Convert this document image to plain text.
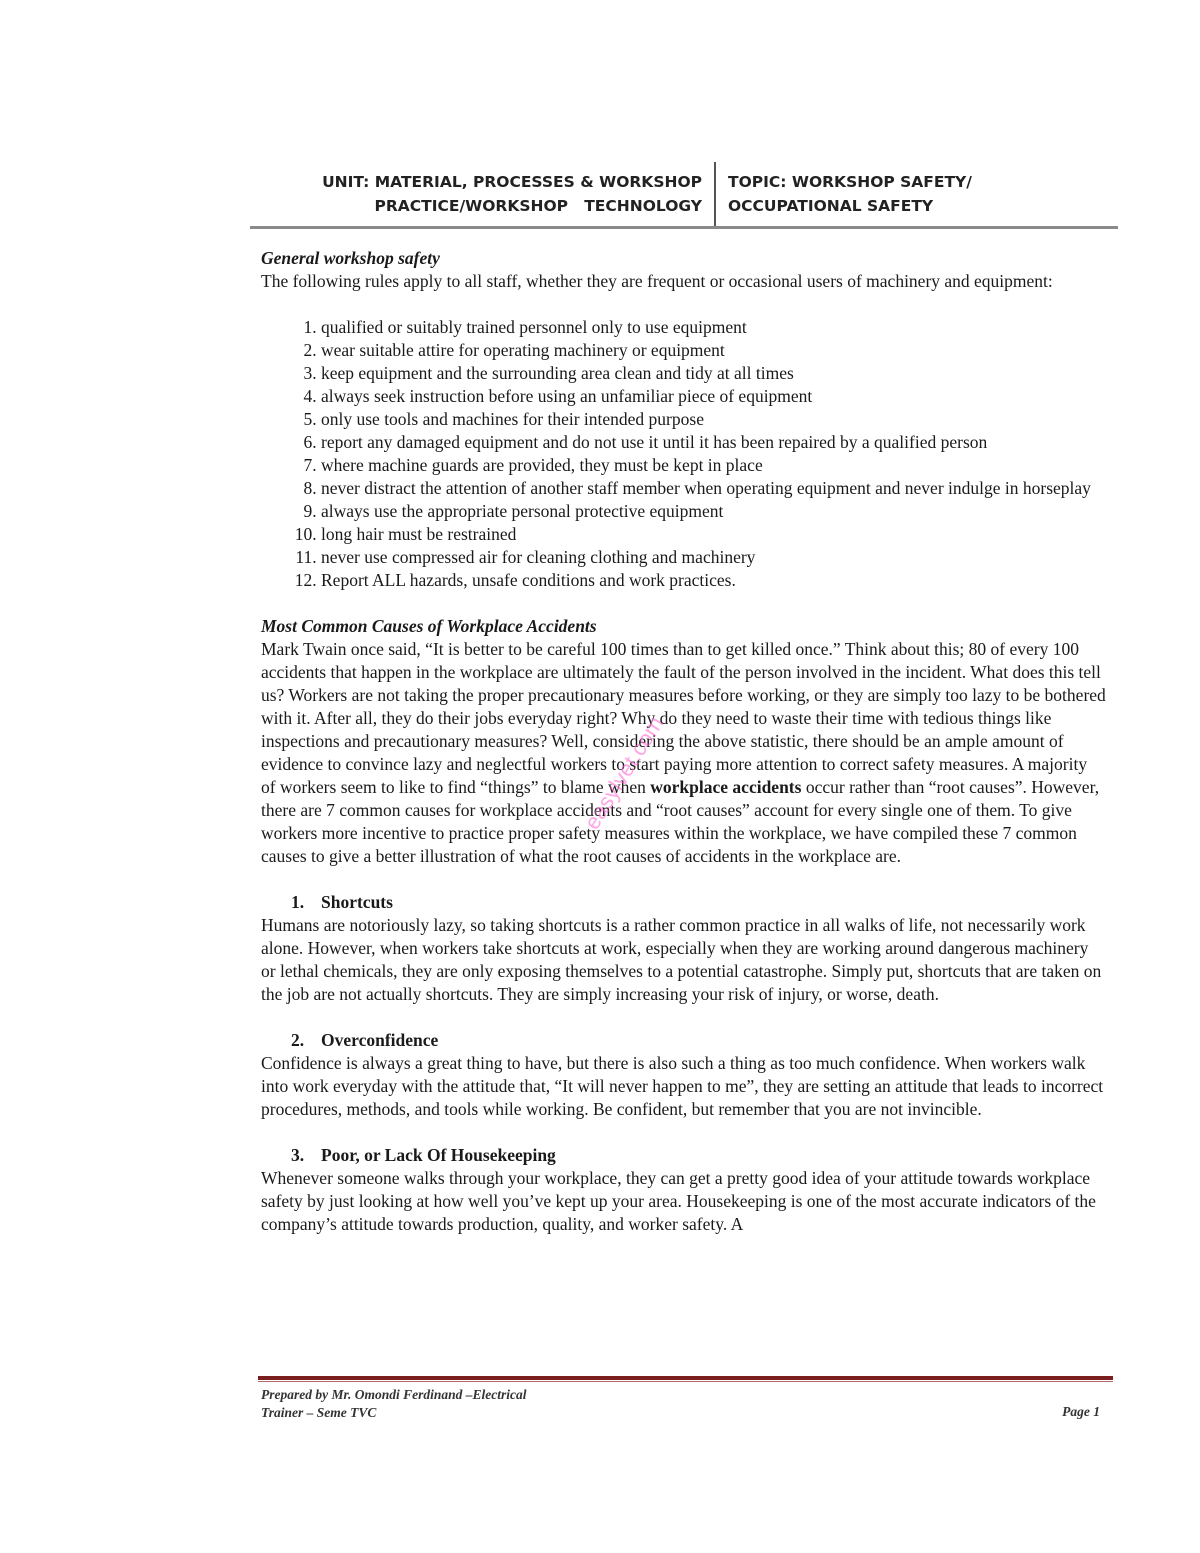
UNIT: MATERIAL, PROCESSES & WORKSHOP
PRACTICE/WORKSHOP   TECHNOLOGY
TOPIC: WORKSHOP SAFETY/
OCCUPATIONAL SAFETY

General workshop safety

The following rules apply to all staff, whether they are frequent or occasional users of machinery and equipment:

1. qualified or suitably trained personnel only to use equipment
2. wear suitable attire for operating machinery or equipment
3. keep equipment and the surrounding area clean and tidy at all times
4. always seek instruction before using an unfamiliar piece of equipment
5. only use tools and machines for their intended purpose
6. report any damaged equipment and do not use it until it has been repaired by a qualified person
7. where machine guards are provided, they must be kept in place
8. never distract the attention of another staff member when operating equipment and never indulge in horseplay
9. always use the appropriate personal protective equipment
10. long hair must be restrained
11. never use compressed air for cleaning clothing and machinery
12. Report ALL hazards, unsafe conditions and work practices.

Most Common Causes of Workplace Accidents

Mark Twain once said, “It is better to be careful 100 times than to get killed once.” Think about this; 80 of every 100 accidents that happen in the workplace are ultimately the fault of the person involved in the incident. What does this tell us? Workers are not taking the proper precautionary measures before working, or they are simply too lazy to be bothered with it. After all, they do their jobs everyday right? Why do they need to waste their time with tedious things like inspections and precautionary measures? Well, considering the above statistic, there should be an ample amount of evidence to convince lazy and neglectful workers to start paying more attention to correct safety measures. A majority of workers seem to like to find “things” to blame when workplace accidents occur rather than “root causes”. However, there are 7 common causes for workplace accidents and “root causes” account for every single one of them. To give workers more incentive to practice proper safety measures within the workplace, we have compiled these 7 common causes to give a better illustration of what the root causes of accidents in the workplace are.

1. Shortcuts

Humans are notoriously lazy, so taking shortcuts is a rather common practice in all walks of life, not necessarily work alone. However, when workers take shortcuts at work, especially when they are working around dangerous machinery or lethal chemicals, they are only exposing themselves to a potential catastrophe. Simply put, shortcuts that are taken on the job are not actually shortcuts. They are simply increasing your risk of injury, or worse, death.

2. Overconfidence

Confidence is always a great thing to have, but there is also such a thing as too much confidence. When workers walk into work everyday with the attitude that, “It will never happen to me”, they are setting an attitude that leads to incorrect procedures, methods, and tools while working. Be confident, but remember that you are not invincible.

3. Poor, or Lack Of Housekeeping

Whenever someone walks through your workplace, they can get a pretty good idea of your attitude towards workplace safety by just looking at how well you’ve kept up your area. Housekeeping is one of the most accurate indicators of the company’s attitude towards production, quality, and worker safety. A

easylvet.com
Prepared by Mr. Omondi Ferdinand –Electrical
Trainer – Seme TVC	Page 1
